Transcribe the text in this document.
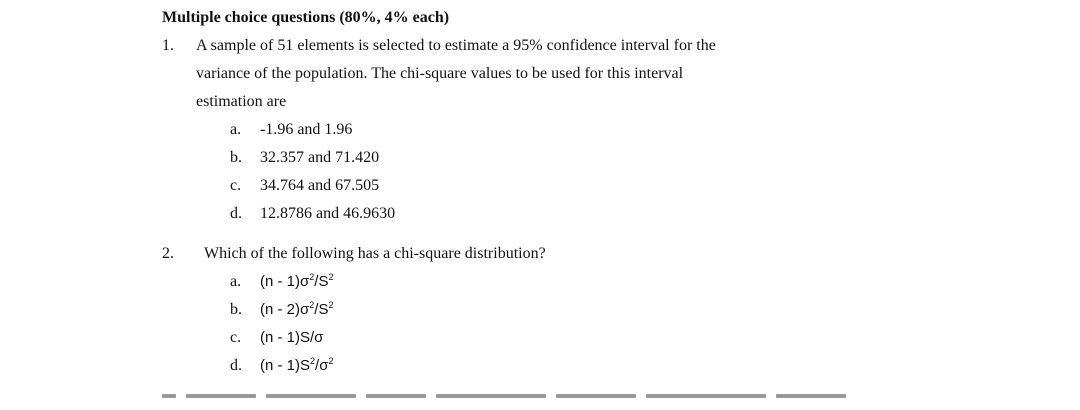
Multiple choice questions (80%, 4% each)
1. A sample of 51 elements is selected to estimate a 95% confidence interval for the
variance of the population. The chi-square values to be used for this interval
estimation are
a. -1.96 and 1.96
b. 32.357 and 71.420
c. 34.764 and 67.505
d. 12.8786 and 46.9630
2. Which of the following has a chi-square distribution?
a. $(n - 1)\sigma^2/S^2$
b. $(n - 2)\sigma^2/S^2$
c. (n - 1)S/σ
d. $(n - 1)S^2/\sigma^2$
